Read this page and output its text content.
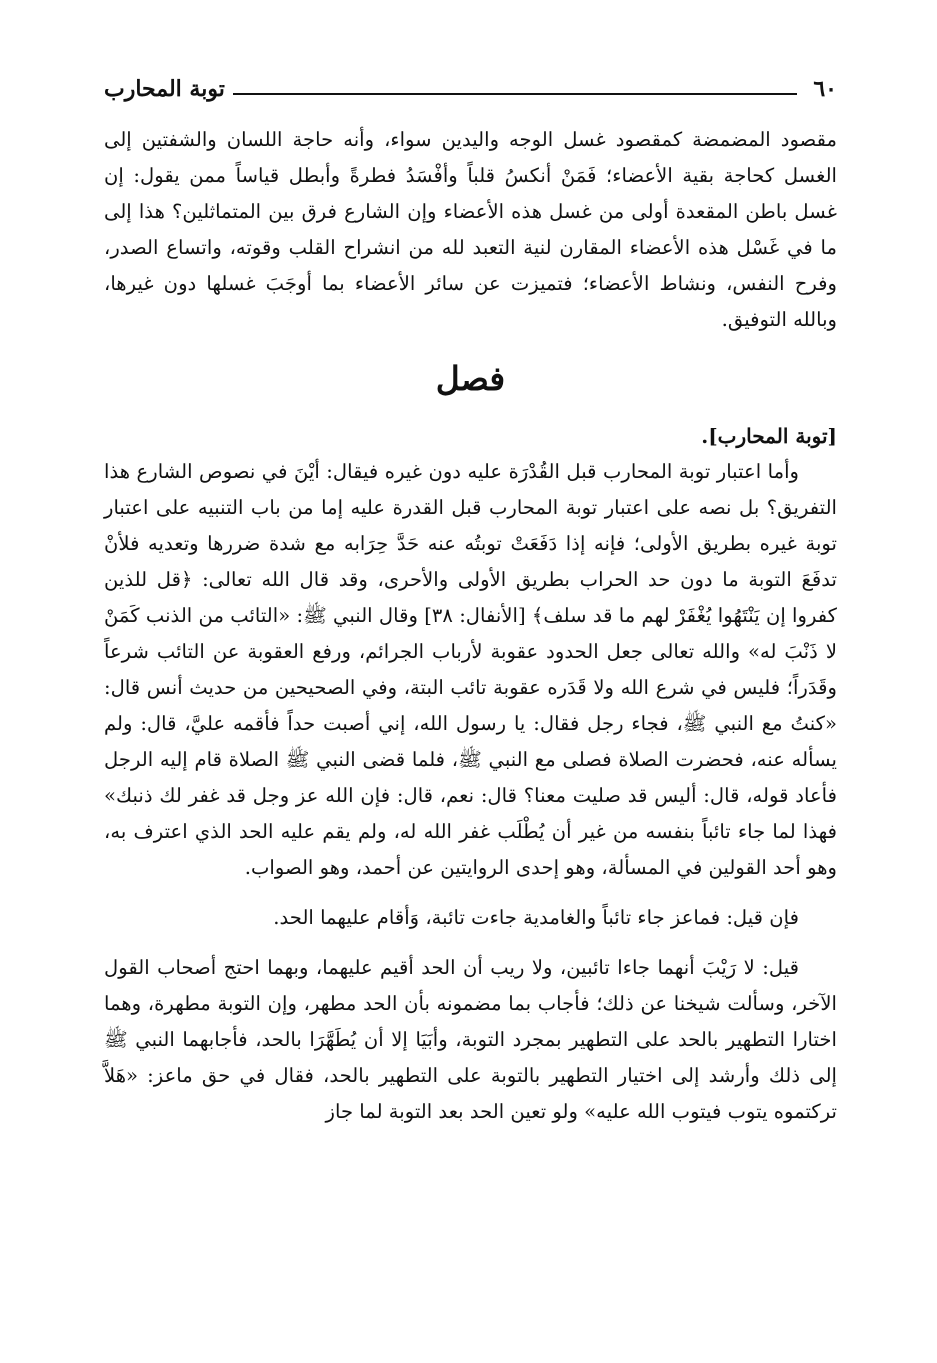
٦٠
توبة المحارب

مقصود المضمضة كمقصود غسل الوجه واليدين سواء، وأنه حاجة اللسان والشفتين إلى الغسل كحاجة بقية الأعضاء؛ فَمَنْ أنكسُ قلباً وأفْسَدُ فطرةً وأبطل قياساً ممن يقول: إن غسل باطن المقعدة أولى من غسل هذه الأعضاء وإن الشارع فرق بين المتماثلين؟ هذا إلى ما في غَسْل هذه الأعضاء المقارن لنية التعبد لله من انشراح القلب وقوته، واتساع الصدر، وفرح النفس، ونشاط الأعضاء؛ فتميزت عن سائر الأعضاء بما أوجَبَ غسلها دون غيرها، وبالله التوفيق.

فصل

[توبة المحارب].

وأما اعتبار توبة المحارب قبل القُدْرَة عليه دون غيره فيقال: أيْنَ في نصوص الشارع هذا التفريق؟ بل نصه على اعتبار توبة المحارب قبل القدرة عليه إما من باب التنبيه على اعتبار توبة غيره بطريق الأولى؛ فإنه إذا دَفَعَتْ توبتُه عنه حَدَّ حِرَابه مع شدة ضررها وتعديه فلأنْ تدفَعَ التوبة ما دون حد الحراب بطريق الأولى والأحرى، وقد قال الله تعالى: ﴿قل للذين كفروا إن يَنْتَهُوا يُغْفَرْ لهم ما قد سلف﴾ [الأنفال: ٣٨] وقال النبي ﷺ: «التائب من الذنب كَمَنْ لا ذَنْبَ له» والله تعالى جعل الحدود عقوبة لأرباب الجرائم، ورفع العقوبة عن التائب شرعاً وقَدَراً؛ فليس في شرع الله ولا قَدَره عقوبة تائب البتة، وفي الصحيحين من حديث أنس قال: «كنتُ مع النبي ﷺ، فجاء رجل فقال: يا رسول الله، إني أصبت حداً فأقمه عليَّ، قال: ولم يسأله عنه، فحضرت الصلاة فصلى مع النبي ﷺ، فلما قضى النبي ﷺ الصلاة قام إليه الرجل فأعاد قوله، قال: أليس قد صليت معنا؟ قال: نعم، قال: فإن الله عز وجل قد غفر لك ذنبك» فهذا لما جاء تائباً بنفسه من غير أن يُطْلَب غفر الله له، ولم يقم عليه الحد الذي اعترف به، وهو أحد القولين في المسألة، وهو إحدى الروايتين عن أحمد، وهو الصواب.

فإن قيل: فماعز جاء تائباً والغامدية جاءت تائبة، وَأقام عليهما الحد.

قيل: لا رَيْبَ أنهما جاءا تائبين، ولا ريب أن الحد أقيم عليهما، وبهما احتج أصحاب القول الآخر، وسألت شيخنا عن ذلك؛ فأجاب بما مضمونه بأن الحد مطهر، وإن التوبة مطهرة، وهما اختارا التطهير بالحد على التطهير بمجرد التوبة، وأبَيَا إلا أن يُطَهَّرَا بالحد، فأجابهما النبي ﷺ إلى ذلك وأرشد إلى اختيار التطهير بالتوبة على التطهير بالحد، فقال في حق ماعز: «هَلاَّ تركتموه يتوب فيتوب الله عليه» ولو تعين الحد بعد التوبة لما جاز
